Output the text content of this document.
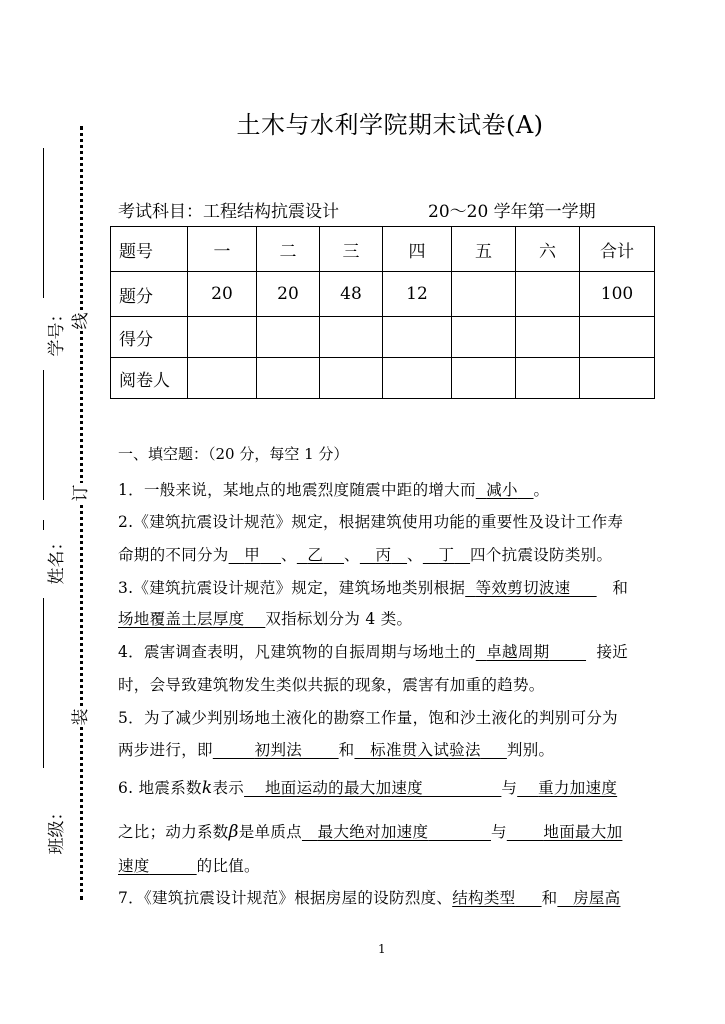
线
订
装
学号：
姓名：
班级：
土木与水利学院期末试卷(A)
考试科目：工程结构抗震设计	20～20 学年第一学期
题号	一	二	三	四	五	六	合计
题分	20	20	48	12			100
得分							
阅卷人							
一、填空题：（20 分，每空 1 分）
1．一般来说，某地点的地震烈度随震中距的增大而 减小 。
2.《建筑抗震设计规范》规定，根据建筑使用功能的重要性及设计工作寿
命期的不同分为 甲 、 乙 、 丙 、 丁 四个抗震设防类别。
3.《建筑抗震设计规范》规定，建筑场地类别根据 等效剪切波速	和
场地覆盖土层厚度 双指标划分为 4 类。
4．震害调查表明，凡建筑物的自振周期与场地土的 卓越周期	接近
时，会导致建筑物发生类似共振的现象，震害有加重的趋势。
5．为了减少判别场地土液化的勘察工作量，饱和沙土液化的判别可分为
两步进行，即	初判法 和 标准贯入试验法 判别。
6. 地震系数k表示 地面运动的最大加速度	与 重力加速度
之比；动力系数β是单质点 最大绝对加速度	与 地面最大加
速度	的比值。
7．《建筑抗震设计规范》根据房屋的设防烈度、结构类型 和 房屋高
1
